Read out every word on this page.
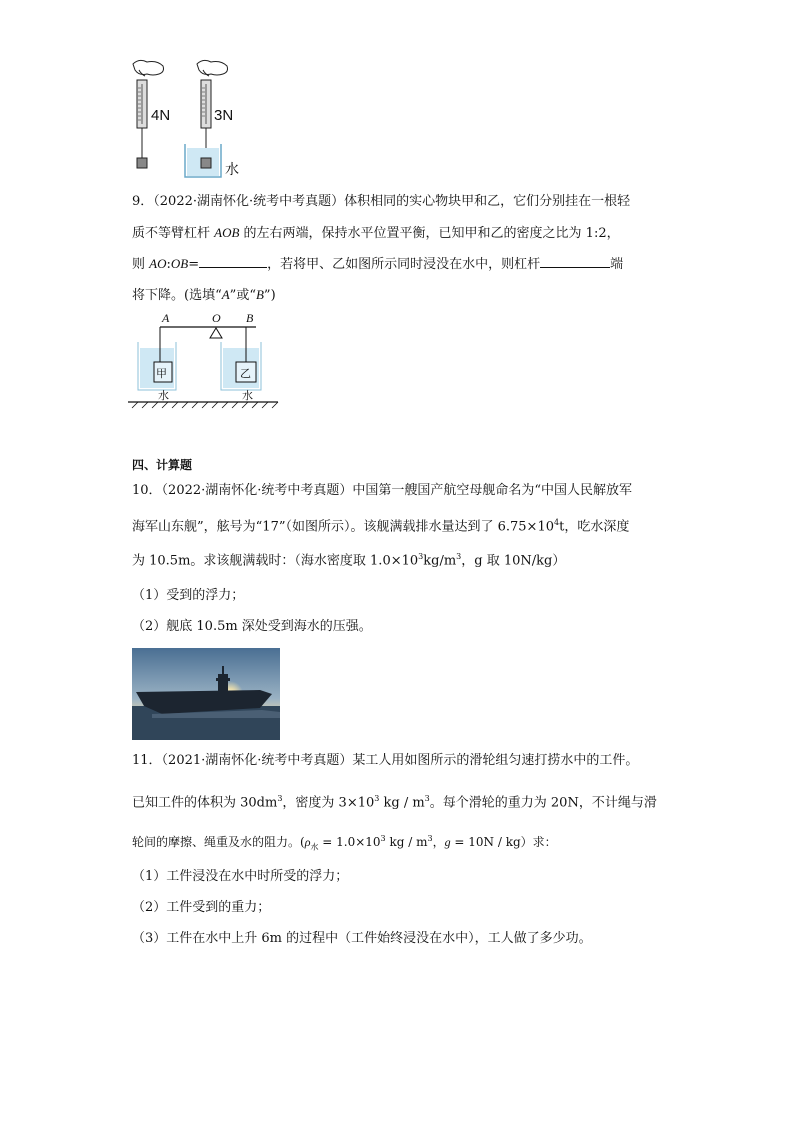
4N	3N
水
9．（2022·湖南怀化·统考中考真题）体积相同的实心物块甲和乙，它们分别挂在一根轻
质不等臂杠杆 AOB 的左右两端，保持水平位置平衡，已知甲和乙的密度之比为 1:2，
则 AO:OB=	，若将甲、乙如图所示同时浸没在水中，则杠杆	端
将下降。(选填“A”或“B”)
A	O B
甲	乙
水	水
四、计算题
10．（2022·湖南怀化·统考中考真题）中国第一艘国产航空母舰命名为“中国人民解放军
海军山东舰”，舷号为“17”（如图所示）。该舰满载排水量达到了 $6.75\times 10^4t$，吃水深度
为 10.5m。求该舰满载时：（海水密度取 $1.0\times 10^3kg/m^3$，g 取 10N/kg）
（1）受到的浮力；
（2）舰底 10.5m 深处受到海水的压强。
11．（2021·湖南怀化·统考中考真题）某工人用如图所示的滑轮组匀速打捞水中的工件。
已知工件的体积为 $30dm^3$，密度为 $3\times 10^3$ kg / $m^3$。每个滑轮的重力为 20N，不计绳与滑
轮间的摩擦、绳重及水的阻力。($\rho_水 = 1.0\times 10^3$ kg / $m^3$，g = 10N / kg）求：
（1）工件浸没在水中时所受的浮力；
（2）工件受到的重力；
（3）工件在水中上升 6m 的过程中（工件始终浸没在水中），工人做了多少功。
